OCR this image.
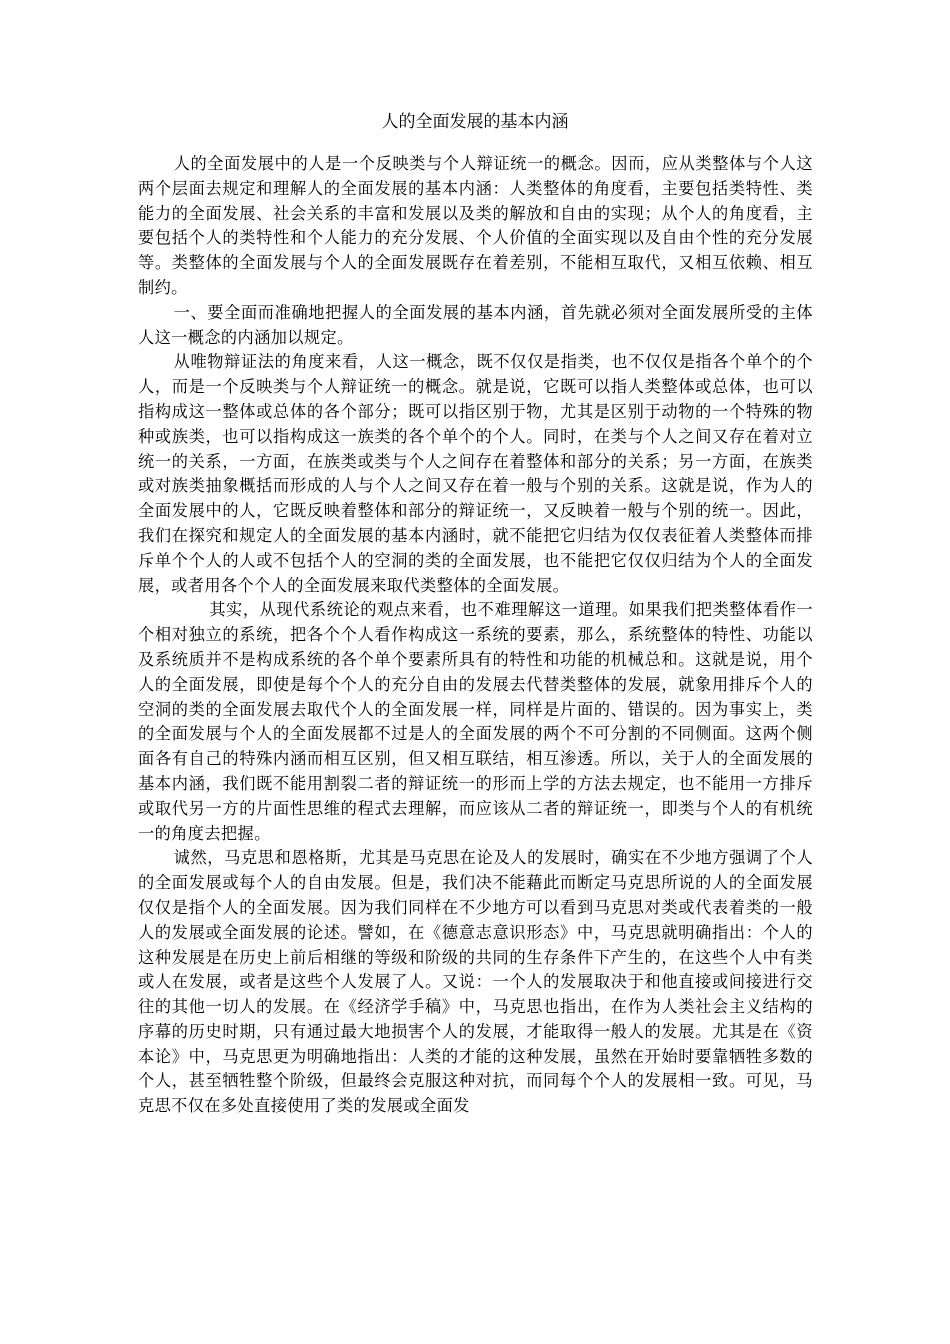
人的全面发展的基本内涵

人的全面发展中的人是一个反映类与个人辩证统一的概念。因而，应从类整体与个人这两个层面去规定和理解人的全面发展的基本内涵：人类整体的角度看，主要包括类特性、类能力的全面发展、社会关系的丰富和发展以及类的解放和自由的实现；从个人的角度看，主要包括个人的类特性和个人能力的充分发展、个人价值的全面实现以及自由个性的充分发展等。类整体的全面发展与个人的全面发展既存在着差别，不能相互取代，又相互依赖、相互制约。

一、要全面而准确地把握人的全面发展的基本内涵，首先就必须对全面发展所受的主体人这一概念的内涵加以规定。

从唯物辩证法的角度来看，人这一概念，既不仅仅是指类，也不仅仅是指各个单个的个人，而是一个反映类与个人辩证统一的概念。就是说，它既可以指人类整体或总体，也可以指构成这一整体或总体的各个部分；既可以指区别于物，尤其是区别于动物的一个特殊的物种或族类，也可以指构成这一族类的各个单个的个人。同时，在类与个人之间又存在着对立统一的关系，一方面，在族类或类与个人之间存在着整体和部分的关系；另一方面，在族类或对族类抽象概括而形成的人与个人之间又存在着一般与个别的关系。这就是说，作为人的全面发展中的人，它既反映着整体和部分的辩证统一，又反映着一般与个别的统一。因此，我们在探究和规定人的全面发展的基本内涵时，就不能把它归结为仅仅表征着人类整体而排斥单个个人的人或不包括个人的空洞的类的全面发展，也不能把它仅仅归结为个人的全面发展，或者用各个个人的全面发展来取代类整体的全面发展。

其实，从现代系统论的观点来看，也不难理解这一道理。如果我们把类整体看作一个相对独立的系统，把各个个人看作构成这一系统的要素，那么，系统整体的特性、功能以及系统质并不是构成系统的各个单个要素所具有的特性和功能的机械总和。这就是说，用个人的全面发展，即使是每个个人的充分自由的发展去代替类整体的发展，就象用排斥个人的空洞的类的全面发展去取代个人的全面发展一样，同样是片面的、错误的。因为事实上，类的全面发展与个人的全面发展都不过是人的全面发展的两个不可分割的不同侧面。这两个侧面各有自己的特殊内涵而相互区别，但又相互联结，相互渗透。所以，关于人的全面发展的基本内涵，我们既不能用割裂二者的辩证统一的形而上学的方法去规定，也不能用一方排斥或取代另一方的片面性思维的程式去理解，而应该从二者的辩证统一，即类与个人的有机统一的角度去把握。

诚然，马克思和恩格斯，尤其是马克思在论及人的发展时，确实在不少地方强调了个人的全面发展或每个人的自由发展。但是，我们决不能藉此而断定马克思所说的人的全面发展仅仅是指个人的全面发展。因为我们同样在不少地方可以看到马克思对类或代表着类的一般人的发展或全面发展的论述。譬如，在《德意志意识形态》中，马克思就明确指出：个人的这种发展是在历史上前后相继的等级和阶级的共同的生存条件下产生的，在这些个人中有类或人在发展，或者是这些个人发展了人。又说：一个人的发展取决于和他直接或间接进行交往的其他一切人的发展。在《经济学手稿》中，马克思也指出，在作为人类社会主义结构的序幕的历史时期，只有通过最大地损害个人的发展，才能取得一般人的发展。尤其是在《资本论》中，马克思更为明确地指出：人类的才能的这种发展，虽然在开始时要靠牺牲多数的个人，甚至牺牲整个阶级，但最终会克服这种对抗，而同每个个人的发展相一致。可见，马克思不仅在多处直接使用了类的发展或全面发
